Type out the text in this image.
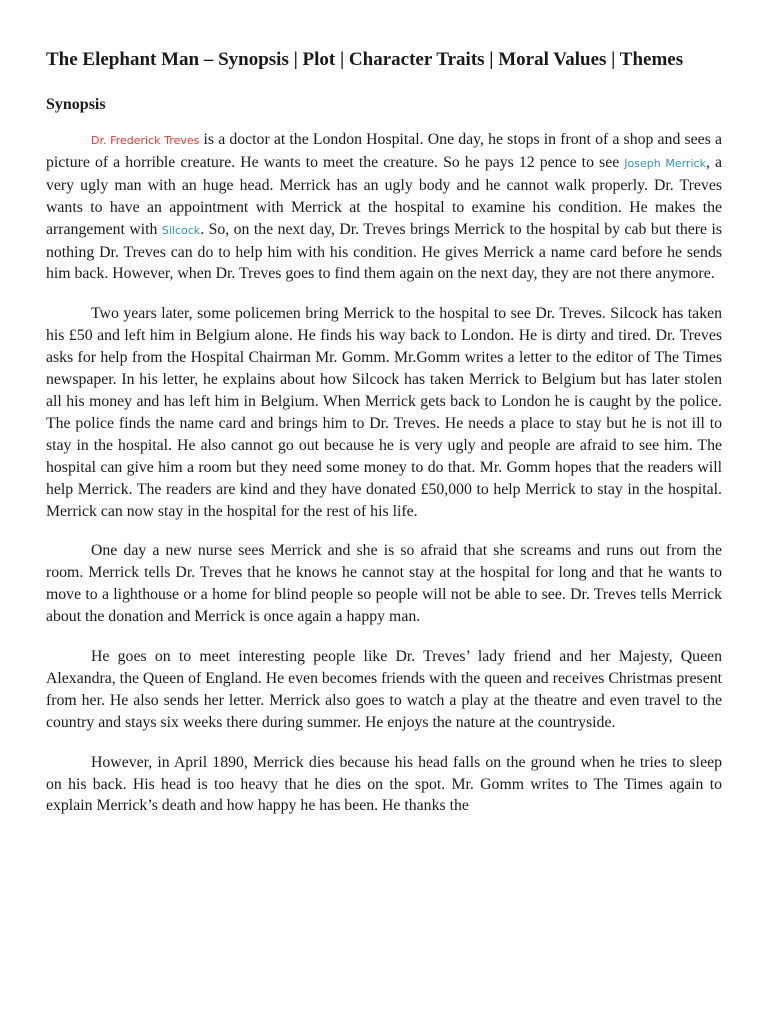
The Elephant Man – Synopsis | Plot | Character Traits | Moral Values | Themes
Synopsis

Dr. Frederick Treves is a doctor at the London Hospital. One day, he stops in front of a shop and sees a picture of a horrible creature. He wants to meet the creature. So he pays 12 pence to see Joseph Merrick, a very ugly man with an huge head. Merrick has an ugly body and he cannot walk properly. Dr. Treves wants to have an appointment with Merrick at the hospital to examine his condition. He makes the arrangement with Silcock. So, on the next day, Dr. Treves brings Merrick to the hospital by cab but there is nothing Dr. Treves can do to help him with his condition. He gives Merrick a name card before he sends him back. However, when Dr. Treves goes to find them again on the next day, they are not there anymore.

Two years later, some policemen bring Merrick to the hospital to see Dr. Treves. Silcock has taken his £50 and left him in Belgium alone. He finds his way back to London. He is dirty and tired. Dr. Treves asks for help from the Hospital Chairman Mr. Gomm. Mr.Gomm writes a letter to the editor of The Times newspaper. In his letter, he explains about how Silcock has taken Merrick to Belgium but has later stolen all his money and has left him in Belgium. When Merrick gets back to London he is caught by the police. The police finds the name card and brings him to Dr. Treves. He needs a place to stay but he is not ill to stay in the hospital. He also cannot go out because he is very ugly and people are afraid to see him. The hospital can give him a room but they need some money to do that. Mr. Gomm hopes that the readers will help Merrick. The readers are kind and they have donated £50,000 to help Merrick to stay in the hospital. Merrick can now stay in the hospital for the rest of his life.

One day a new nurse sees Merrick and she is so afraid that she screams and runs out from the room. Merrick tells Dr. Treves that he knows he cannot stay at the hospital for long and that he wants to move to a lighthouse or a home for blind people so people will not be able to see. Dr. Treves tells Merrick about the donation and Merrick is once again a happy man.

He goes on to meet interesting people like Dr. Treves’ lady friend and her Majesty, Queen Alexandra, the Queen of England. He even becomes friends with the queen and receives Christmas present from her. He also sends her letter. Merrick also goes to watch a play at the theatre and even travel to the country and stays six weeks there during summer. He enjoys the nature at the countryside.

However, in April 1890, Merrick dies because his head falls on the ground when he tries to sleep on his back. His head is too heavy that he dies on the spot. Mr. Gomm writes to The Times again to explain Merrick’s death and how happy he has been. He thanks the
